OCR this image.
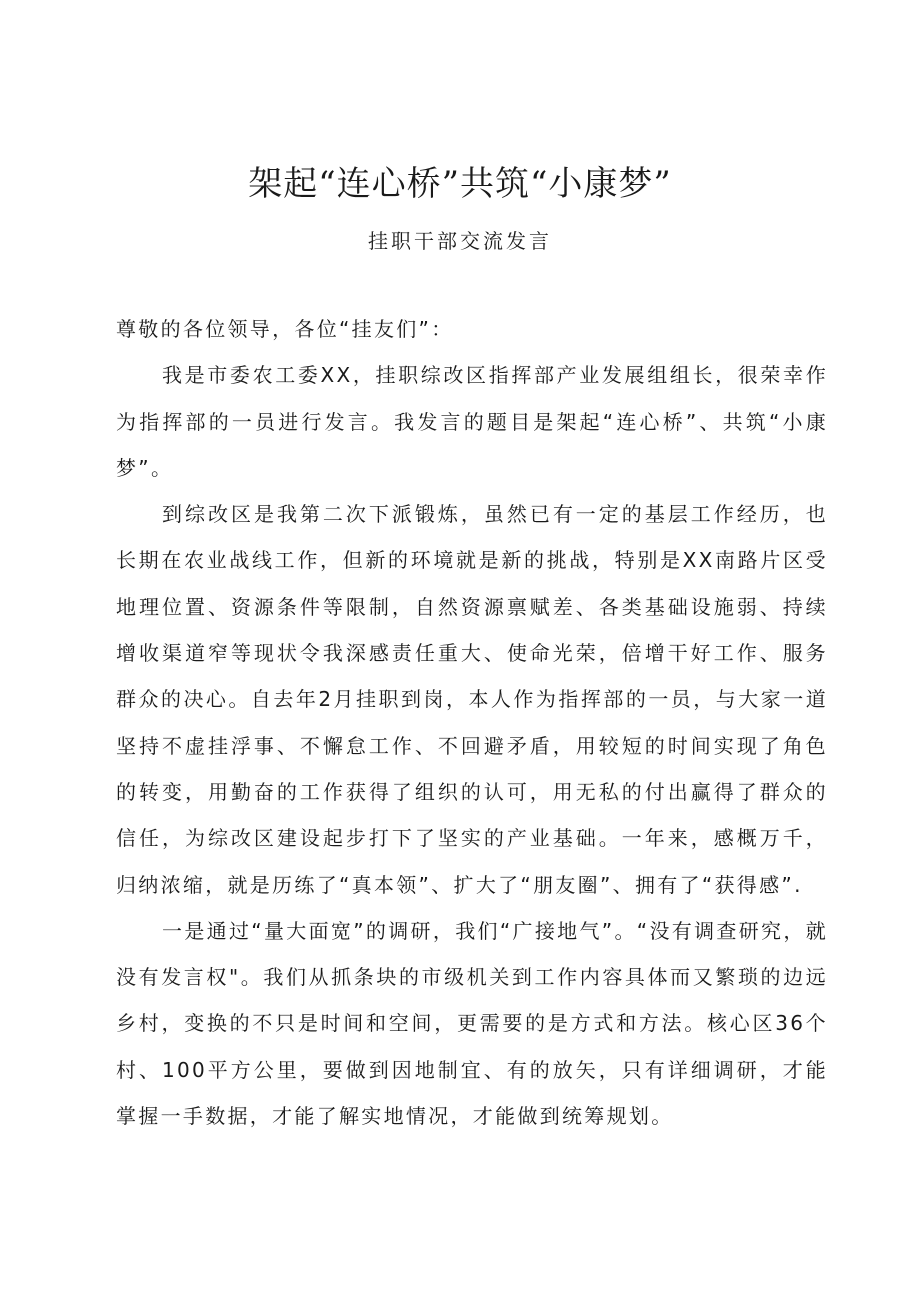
架起“连心桥”共筑“小康梦”
挂职干部交流发言

尊敬的各位领导，各位“挂友们”：

我是市委农工委XX，挂职综改区指挥部产业发展组组长，很荣幸作为指挥部的一员进行发言。我发言的题目是架起“连心桥”、共筑“小康梦”。

到综改区是我第二次下派锻炼，虽然已有一定的基层工作经历，也长期在农业战线工作，但新的环境就是新的挑战，特别是XX南路片区受地理位置、资源条件等限制，自然资源禀赋差、各类基础设施弱、持续增收渠道窄等现状令我深感责任重大、使命光荣，倍增干好工作、服务群众的决心。自去年2月挂职到岗，本人作为指挥部的一员，与大家一道坚持不虚挂浮事、不懈怠工作、不回避矛盾，用较短的时间实现了角色的转变，用勤奋的工作获得了组织的认可，用无私的付出赢得了群众的信任，为综改区建设起步打下了坚实的产业基础。一年来，感概万千，归纳浓缩，就是历练了“真本领”、扩大了“朋友圈”、拥有了“获得感”.

一是通过“量大面宽”的调研，我们“广接地气”。“没有调查研究，就没有发言权"。我们从抓条块的市级机关到工作内容具体而又繁琐的边远乡村，变换的不只是时间和空间，更需要的是方式和方法。核心区36个村、100平方公里，要做到因地制宜、有的放矢，只有详细调研，才能掌握一手数据，才能了解实地情况，才能做到统筹规划。
